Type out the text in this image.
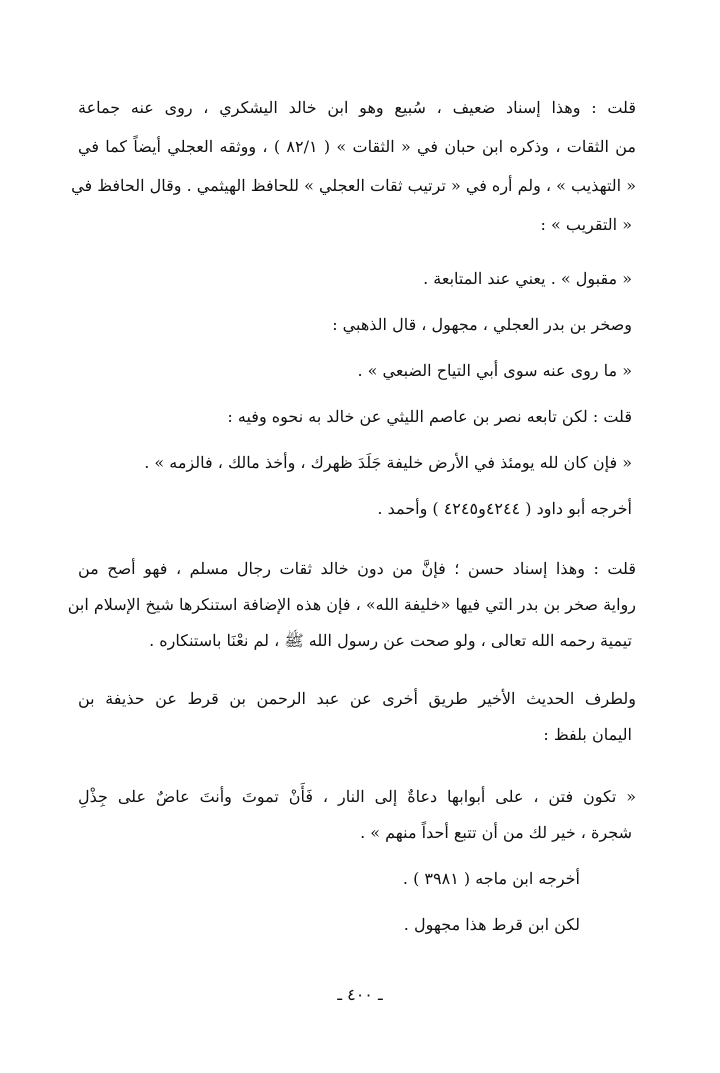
قلت : وهذا إسناد ضعيف ، سُبيع وهو ابن خالد اليشكري ، روى عنه جماعة
من الثقات ، وذكره ابن حبان في « الثقات » ( ٨٢/١ ) ، ووثقه العجلي أيضاً كما في
« التهذيب » ، ولم أره في « ترتيب ثقات العجلي » للحافظ الهيثمي . وقال الحافظ في
« التقريب » :
« مقبول » . يعني عند المتابعة .
وصخر بن بدر العجلي ، مجهول ، قال الذهبي :
« ما روى عنه سوى أبي التياح الضبعي » .
قلت : لكن تابعه نصر بن عاصم الليثي عن خالد به نحوه وفيه :
« فإن كان لله يومئذ في الأرض خليفة جَلَدَ ظهرك ، وأخذ مالك ، فالزمه » .
أخرجه أبو داود ( ٤٢٤٤و٤٢٤٥ ) وأحمد .
قلت : وهذا إسناد حسن ؛ فإنَّ من دون خالد ثقات رجال مسلم ، فهو أصح من
رواية صخر بن بدر التي فيها «خليفة الله» ، فإن هذه الإضافة استنكرها شيخ الإسلام ابن
تيمية رحمه الله تعالى ، ولو صحت عن رسول الله ﷺ ، لم نعْنَا باستنكاره .
ولطرف الحديث الأخير طريق أخرى عن عبد الرحمن بن قرط عن حذيفة بن
اليمان بلفظ :
« تكون فتن ، على أبوابها دعاةٌ إلى النار ، فَأَنْ تموتَ وأنتَ عاضٌ على جِذْلِ
شجرة ، خير لك من أن تتبع أحداً منهم » .
أخرجه ابن ماجه ( ٣٩٨١ ) .
لكن ابن قرط هذا مجهول .
ـ ٤٠٠ ـ
